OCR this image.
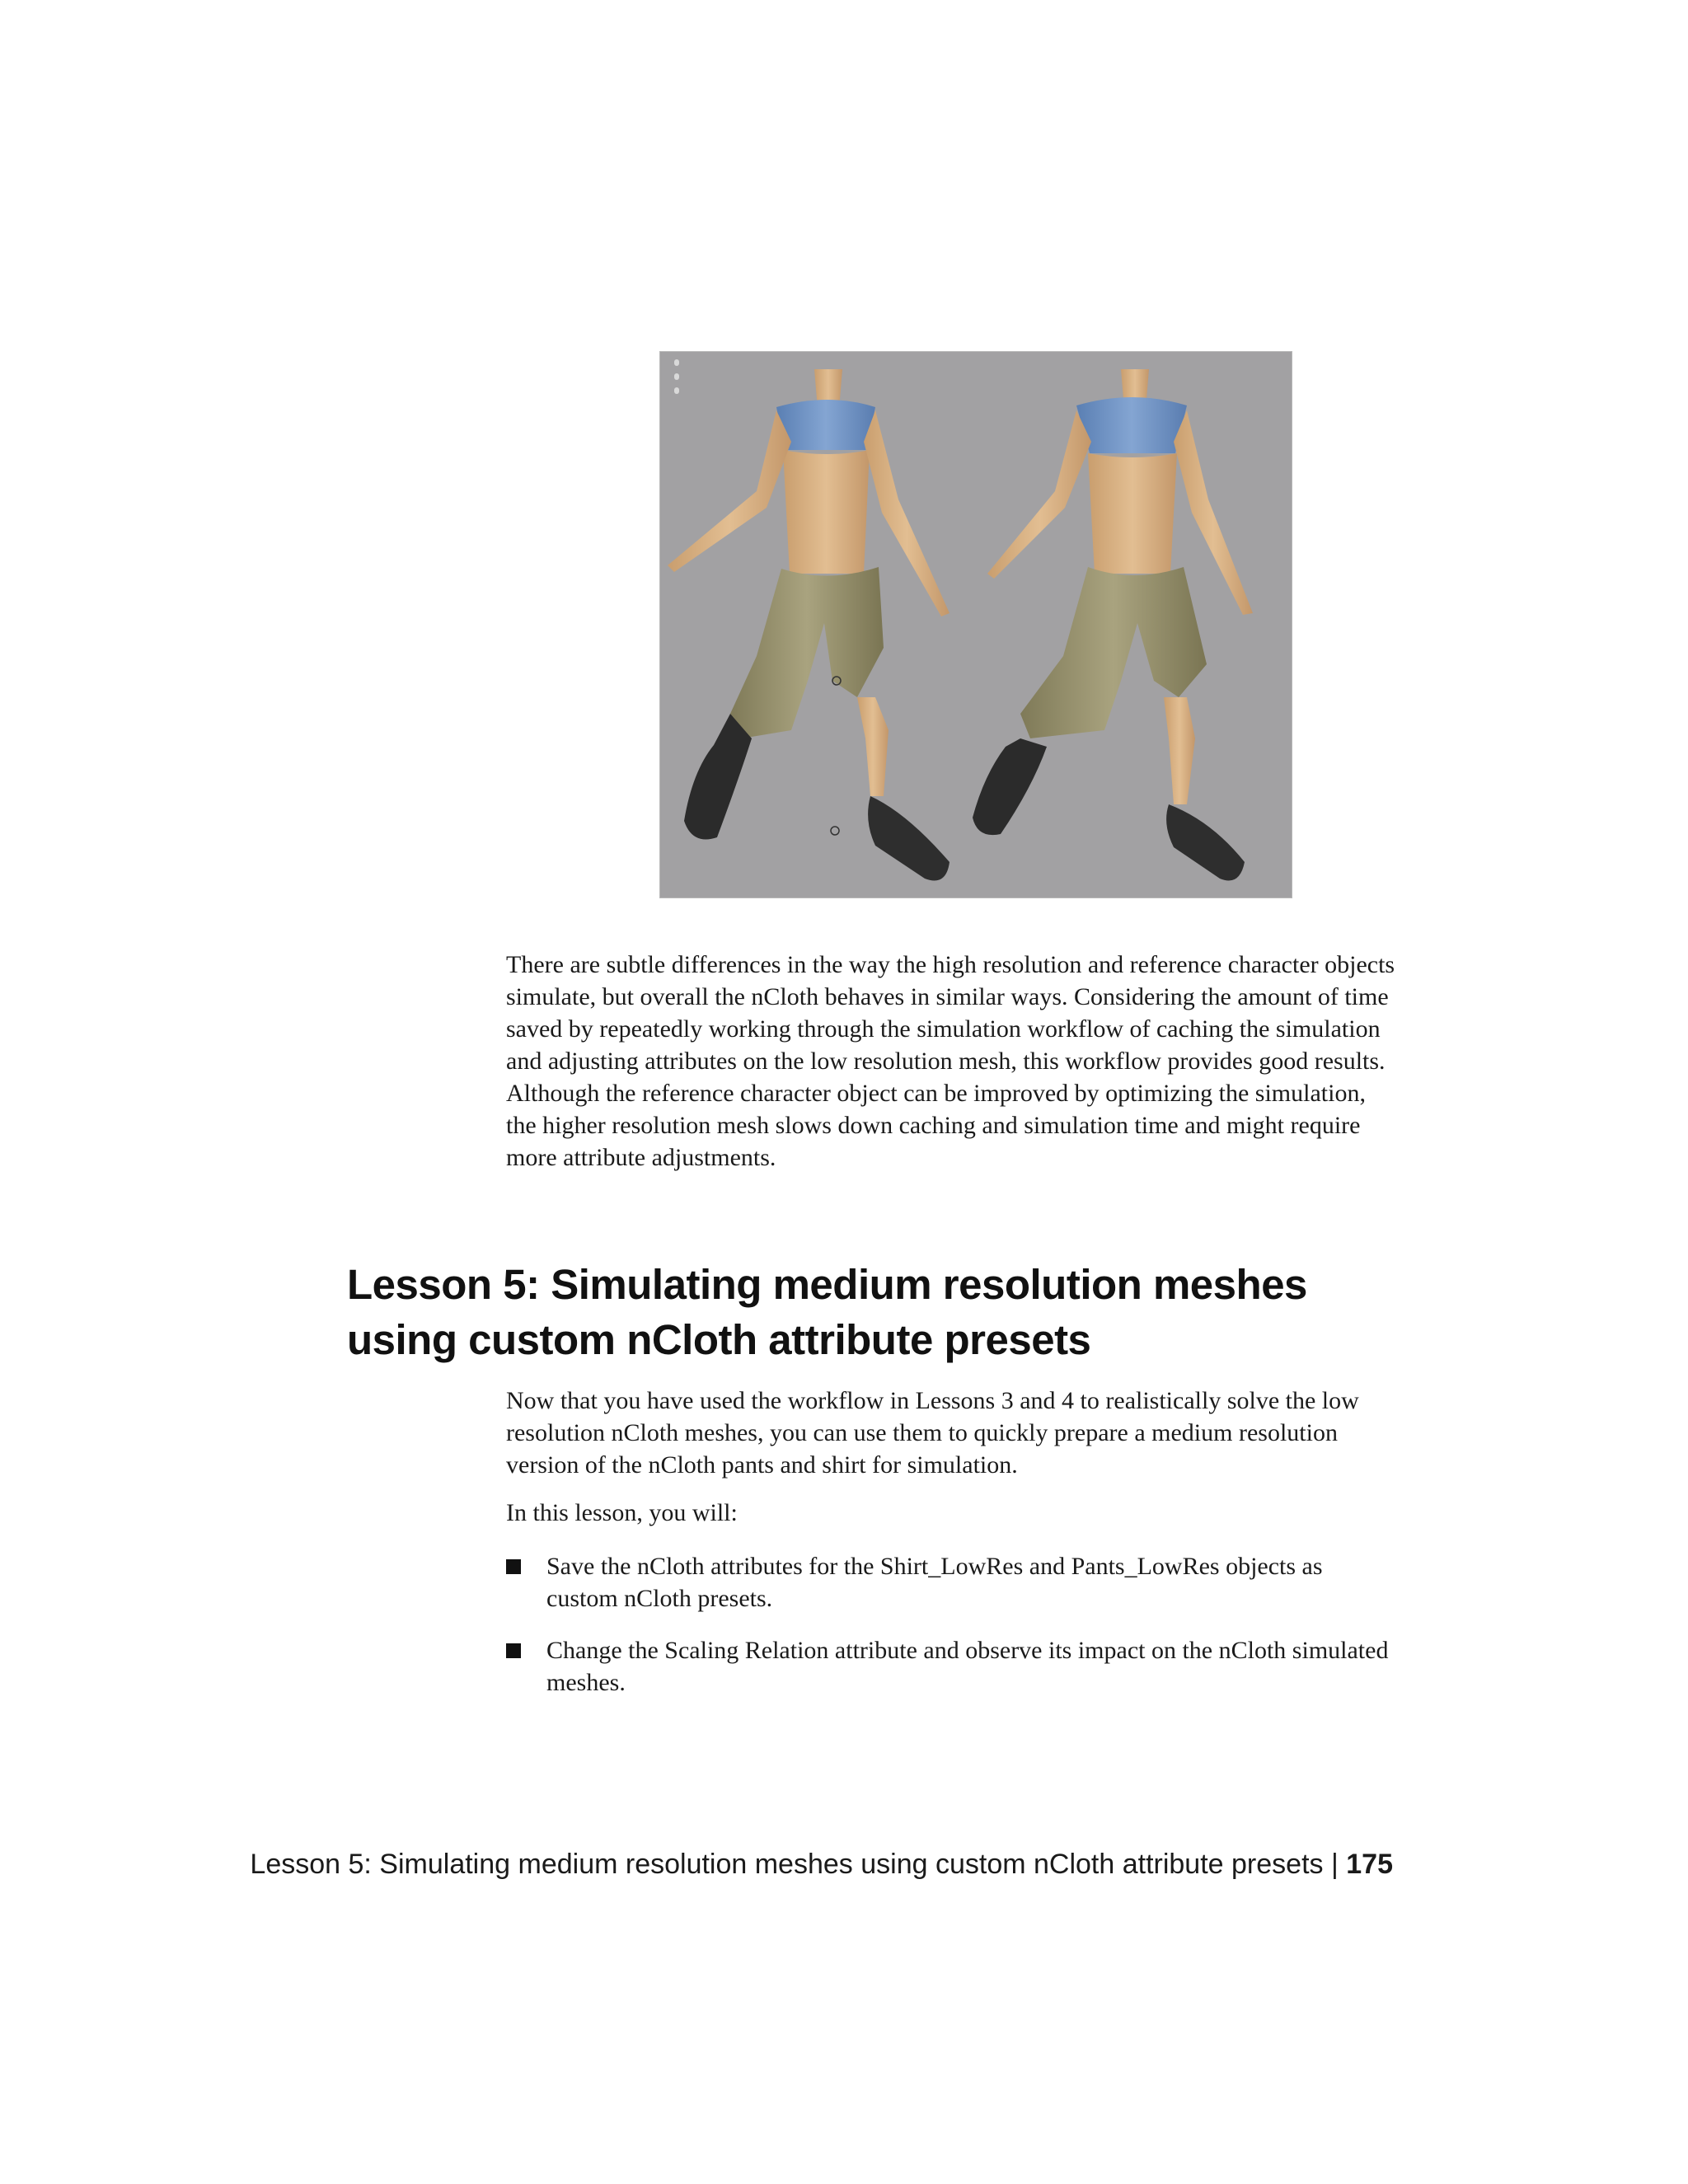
There are subtle differences in the way the high resolution and reference character objects simulate, but overall the nCloth behaves in similar ways. Considering the amount of time saved by repeatedly working through the simulation workflow of caching the simulation and adjusting attributes on the low resolution mesh, this workflow provides good results. Although the reference character object can be improved by optimizing the simulation, the higher resolution mesh slows down caching and simulation time and might require more attribute adjustments.

Lesson 5: Simulating medium resolution meshes using custom nCloth attribute presets

Now that you have used the workflow in Lessons 3 and 4 to realistically solve the low resolution nCloth meshes, you can use them to quickly prepare a medium resolution version of the nCloth pants and shirt for simulation.

In this lesson, you will:

Save the nCloth attributes for the Shirt_LowRes and Pants_LowRes objects as custom nCloth presets.
Change the Scaling Relation attribute and observe its impact on the nCloth simulated meshes.
Lesson 5: Simulating medium resolution meshes using custom nCloth attribute presets | 175
